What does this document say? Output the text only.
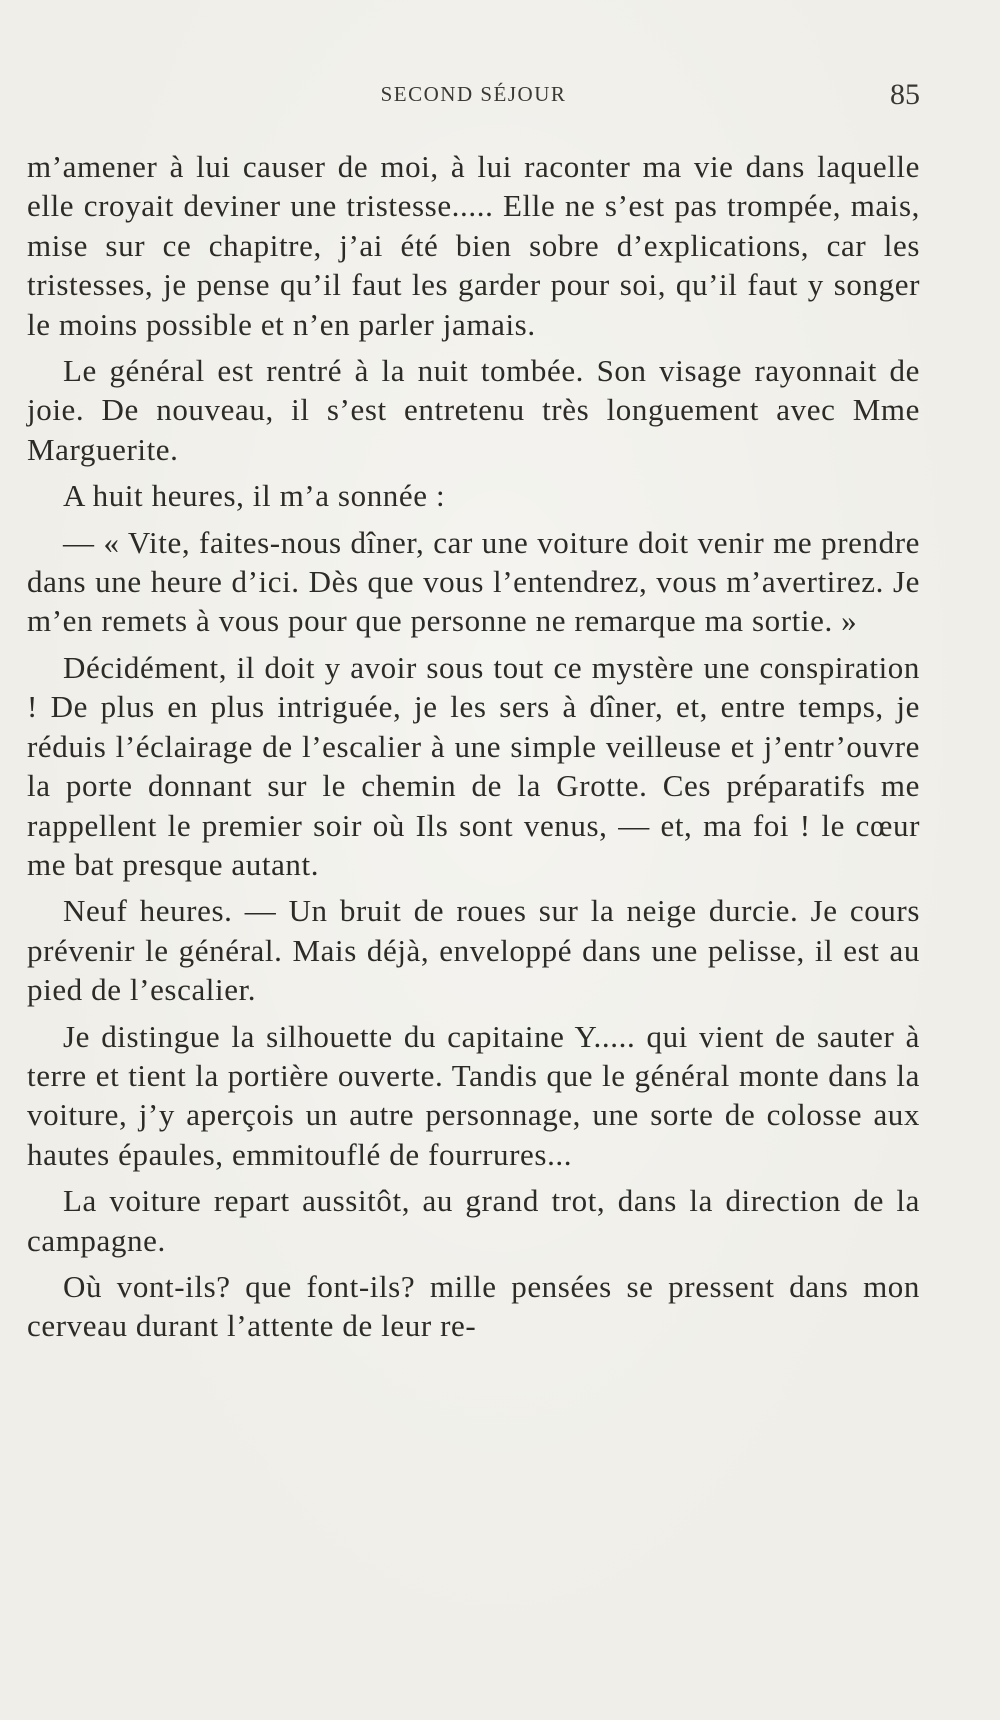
SECOND SÉJOUR	85

m’amener à lui causer de moi, à lui raconter ma vie dans laquelle elle croyait deviner une tristesse..... Elle ne s’est pas trompée, mais, mise sur ce chapitre, j’ai été bien sobre d’explications, car les tristesses, je pense qu’il faut les garder pour soi, qu’il faut y songer le moins possible et n’en parler jamais.

Le général est rentré à la nuit tombée. Son visage rayonnait de joie. De nouveau, il s’est entretenu très longuement avec Mme Marguerite.

A huit heures, il m’a sonnée :

— « Vite, faites-nous dîner, car une voiture doit venir me prendre dans une heure d’ici. Dès que vous l’entendrez, vous m’avertirez. Je m’en remets à vous pour que personne ne remarque ma sortie. »

Décidément, il doit y avoir sous tout ce mystère une conspiration ! De plus en plus intriguée, je les sers à dîner, et, entre temps, je réduis l’éclairage de l’escalier à une simple veilleuse et j’entr’ouvre la porte donnant sur le chemin de la Grotte. Ces préparatifs me rappellent le premier soir où Ils sont venus, — et, ma foi ! le cœur me bat presque autant.

Neuf heures. — Un bruit de roues sur la neige durcie. Je cours prévenir le général. Mais déjà, enveloppé dans une pelisse, il est au pied de l’escalier.

Je distingue la silhouette du capitaine Y..... qui vient de sauter à terre et tient la portière ouverte. Tandis que le général monte dans la voiture, j’y aperçois un autre personnage, une sorte de colosse aux hautes épaules, emmitouflé de fourrures...

La voiture repart aussitôt, au grand trot, dans la direction de la campagne.

Où vont-ils? que font-ils? mille pensées se pressent dans mon cerveau durant l’attente de leur re-
